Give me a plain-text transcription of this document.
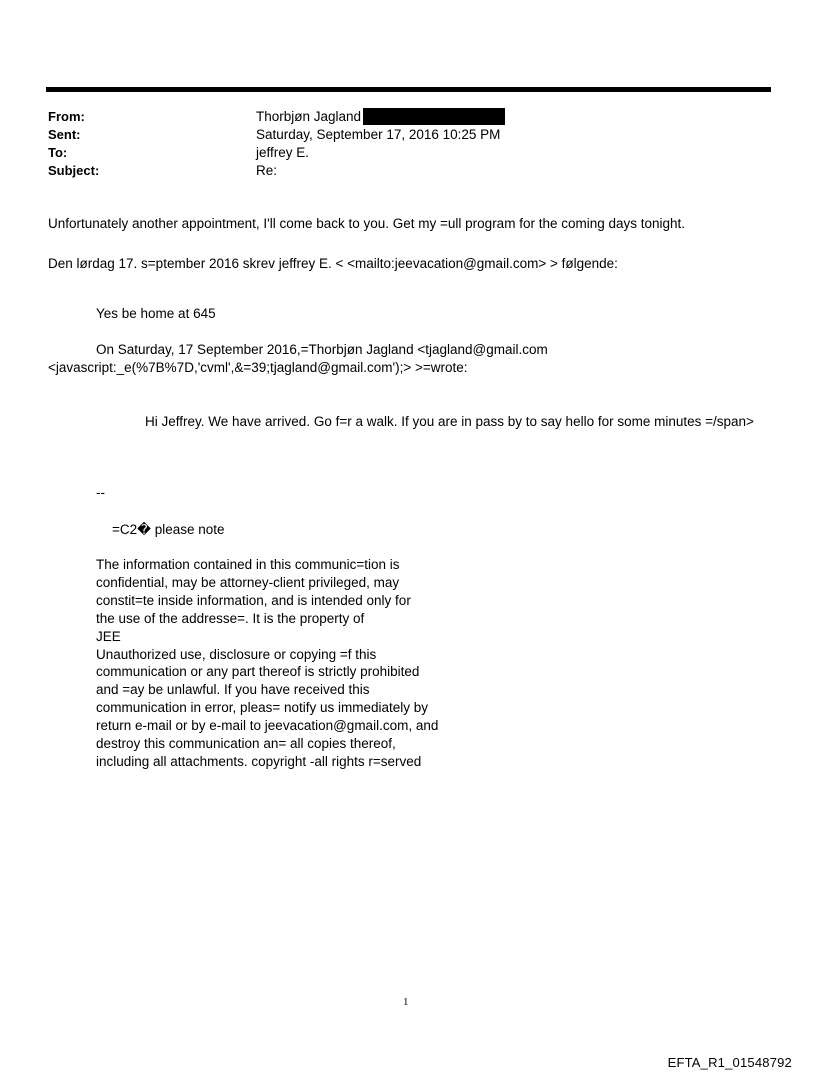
From:	Thorbjøn Jagland
Sent:	Saturday, September 17, 2016 10:25 PM
To:	jeffrey E.
Subject:	Re:
Unfortunately another appointment, I'll come back to you. Get my =ull program for the coming days tonight.
Den lørdag 17. s=ptember 2016 skrev jeffrey E. < <mailto:jeevacation@gmail.com> > følgende:
Yes be home at 645
On Saturday, 17 September 2016,=Thorbjøn Jagland <tjagland@gmail.com
<javascript:_e(%7B%7D,'cvml',&=39;tjagland@gmail.com');> >=wrote:
Hi Jeffrey. We have arrived. Go f=r a walk. If you are in pass by to say hello for some minutes =/span>
--
=C2� please note
The information contained in this communic=tion is
confidential, may be attorney-client privileged, may
constit=te inside information, and is intended only for
the use of the addresse=. It is the property of
JEE
Unauthorized use, disclosure or copying =f this
communication or any part thereof is strictly prohibited
and =ay be unlawful. If you have received this
communication in error, pleas= notify us immediately by
return e-mail or by e-mail to jeevacation@gmail.com, and
destroy this communication an= all copies thereof,
including all attachments. copyright -all rights r=served
1
EFTA_R1_01548792
